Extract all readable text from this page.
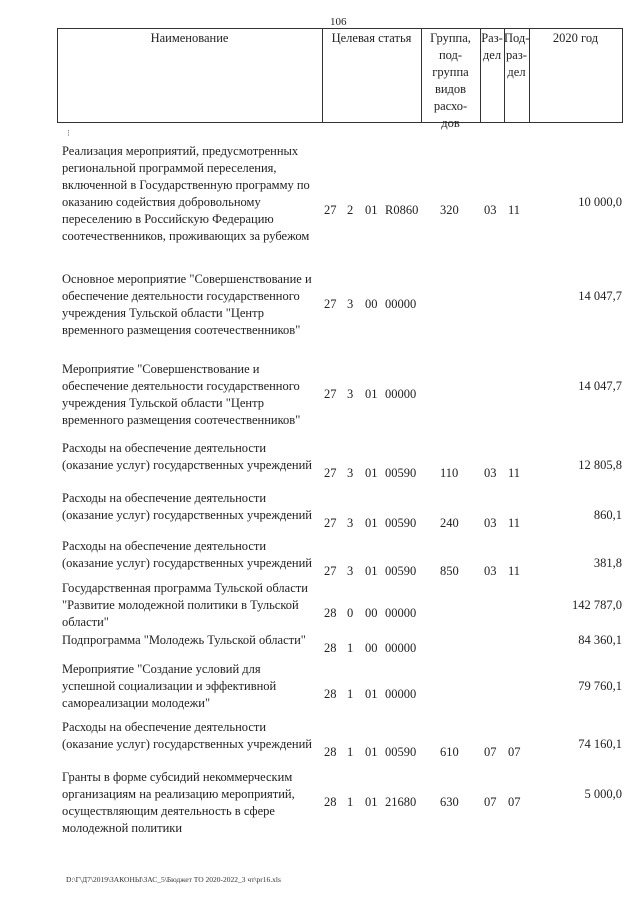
106
Наименование	Целевая статья	Группа,
под-
группа
видов
расхо-
дов
Раз-
дел
Под-
раз-
дел
2020 год
⁝
Реализация мероприятий, предусмотренных
региональной программой переселения,
включенной в Государственную программу по
оказанию содействия добровольному
переселению в Российскую Федерацию
соотечественников, проживающих за рубежом
27 2 01 R0860 320 03 11
10 000,0
Основное мероприятие "Совершенствование и
обеспечение деятельности государственного
учреждения Тульской области "Центр
временного размещения соотечественников"
27 3 00 00000
14 047,7
Мероприятие "Совершенствование и
обеспечение деятельности государственного
учреждения Тульской области "Центр
временного размещения соотечественников"
27 3 01 00000
14 047,7
Расходы на обеспечение деятельности
(оказание услуг) государственных учреждений
27 3 01 00590 110 03 11
12 805,8
Расходы на обеспечение деятельности
(оказание услуг) государственных учреждений
27 3 01 00590 240 03 11
860,1
Расходы на обеспечение деятельности
(оказание услуг) государственных учреждений
27 3 01 00590 850 03 11
381,8
Государственная программа Тульской области
"Развитие молодежной политики в Тульской
области"
28 0 00 00000
142 787,0
Подпрограмма "Молодежь Тульской области"
28 1 00 00000
84 360,1
Мероприятие "Создание условий для
успешной социализации и эффективной
самореализации молодежи"
28 1 01 00000
79 760,1
Расходы на обеспечение деятельности
(оказание услуг) государственных учреждений
28 1 01 00590 610 07 07
74 160,1
Гранты в форме субсидий некоммерческим
организациям на реализацию мероприятий,
осуществляющим деятельность в сфере
молодежной политики
28 1 01 21680 630 07 07
5 000,0
D:\Г\Д7\2019\ЗАКОНЫ\ЗАС_5\Бюджет ТО 2020-2022_3 чт\pr16.xls
